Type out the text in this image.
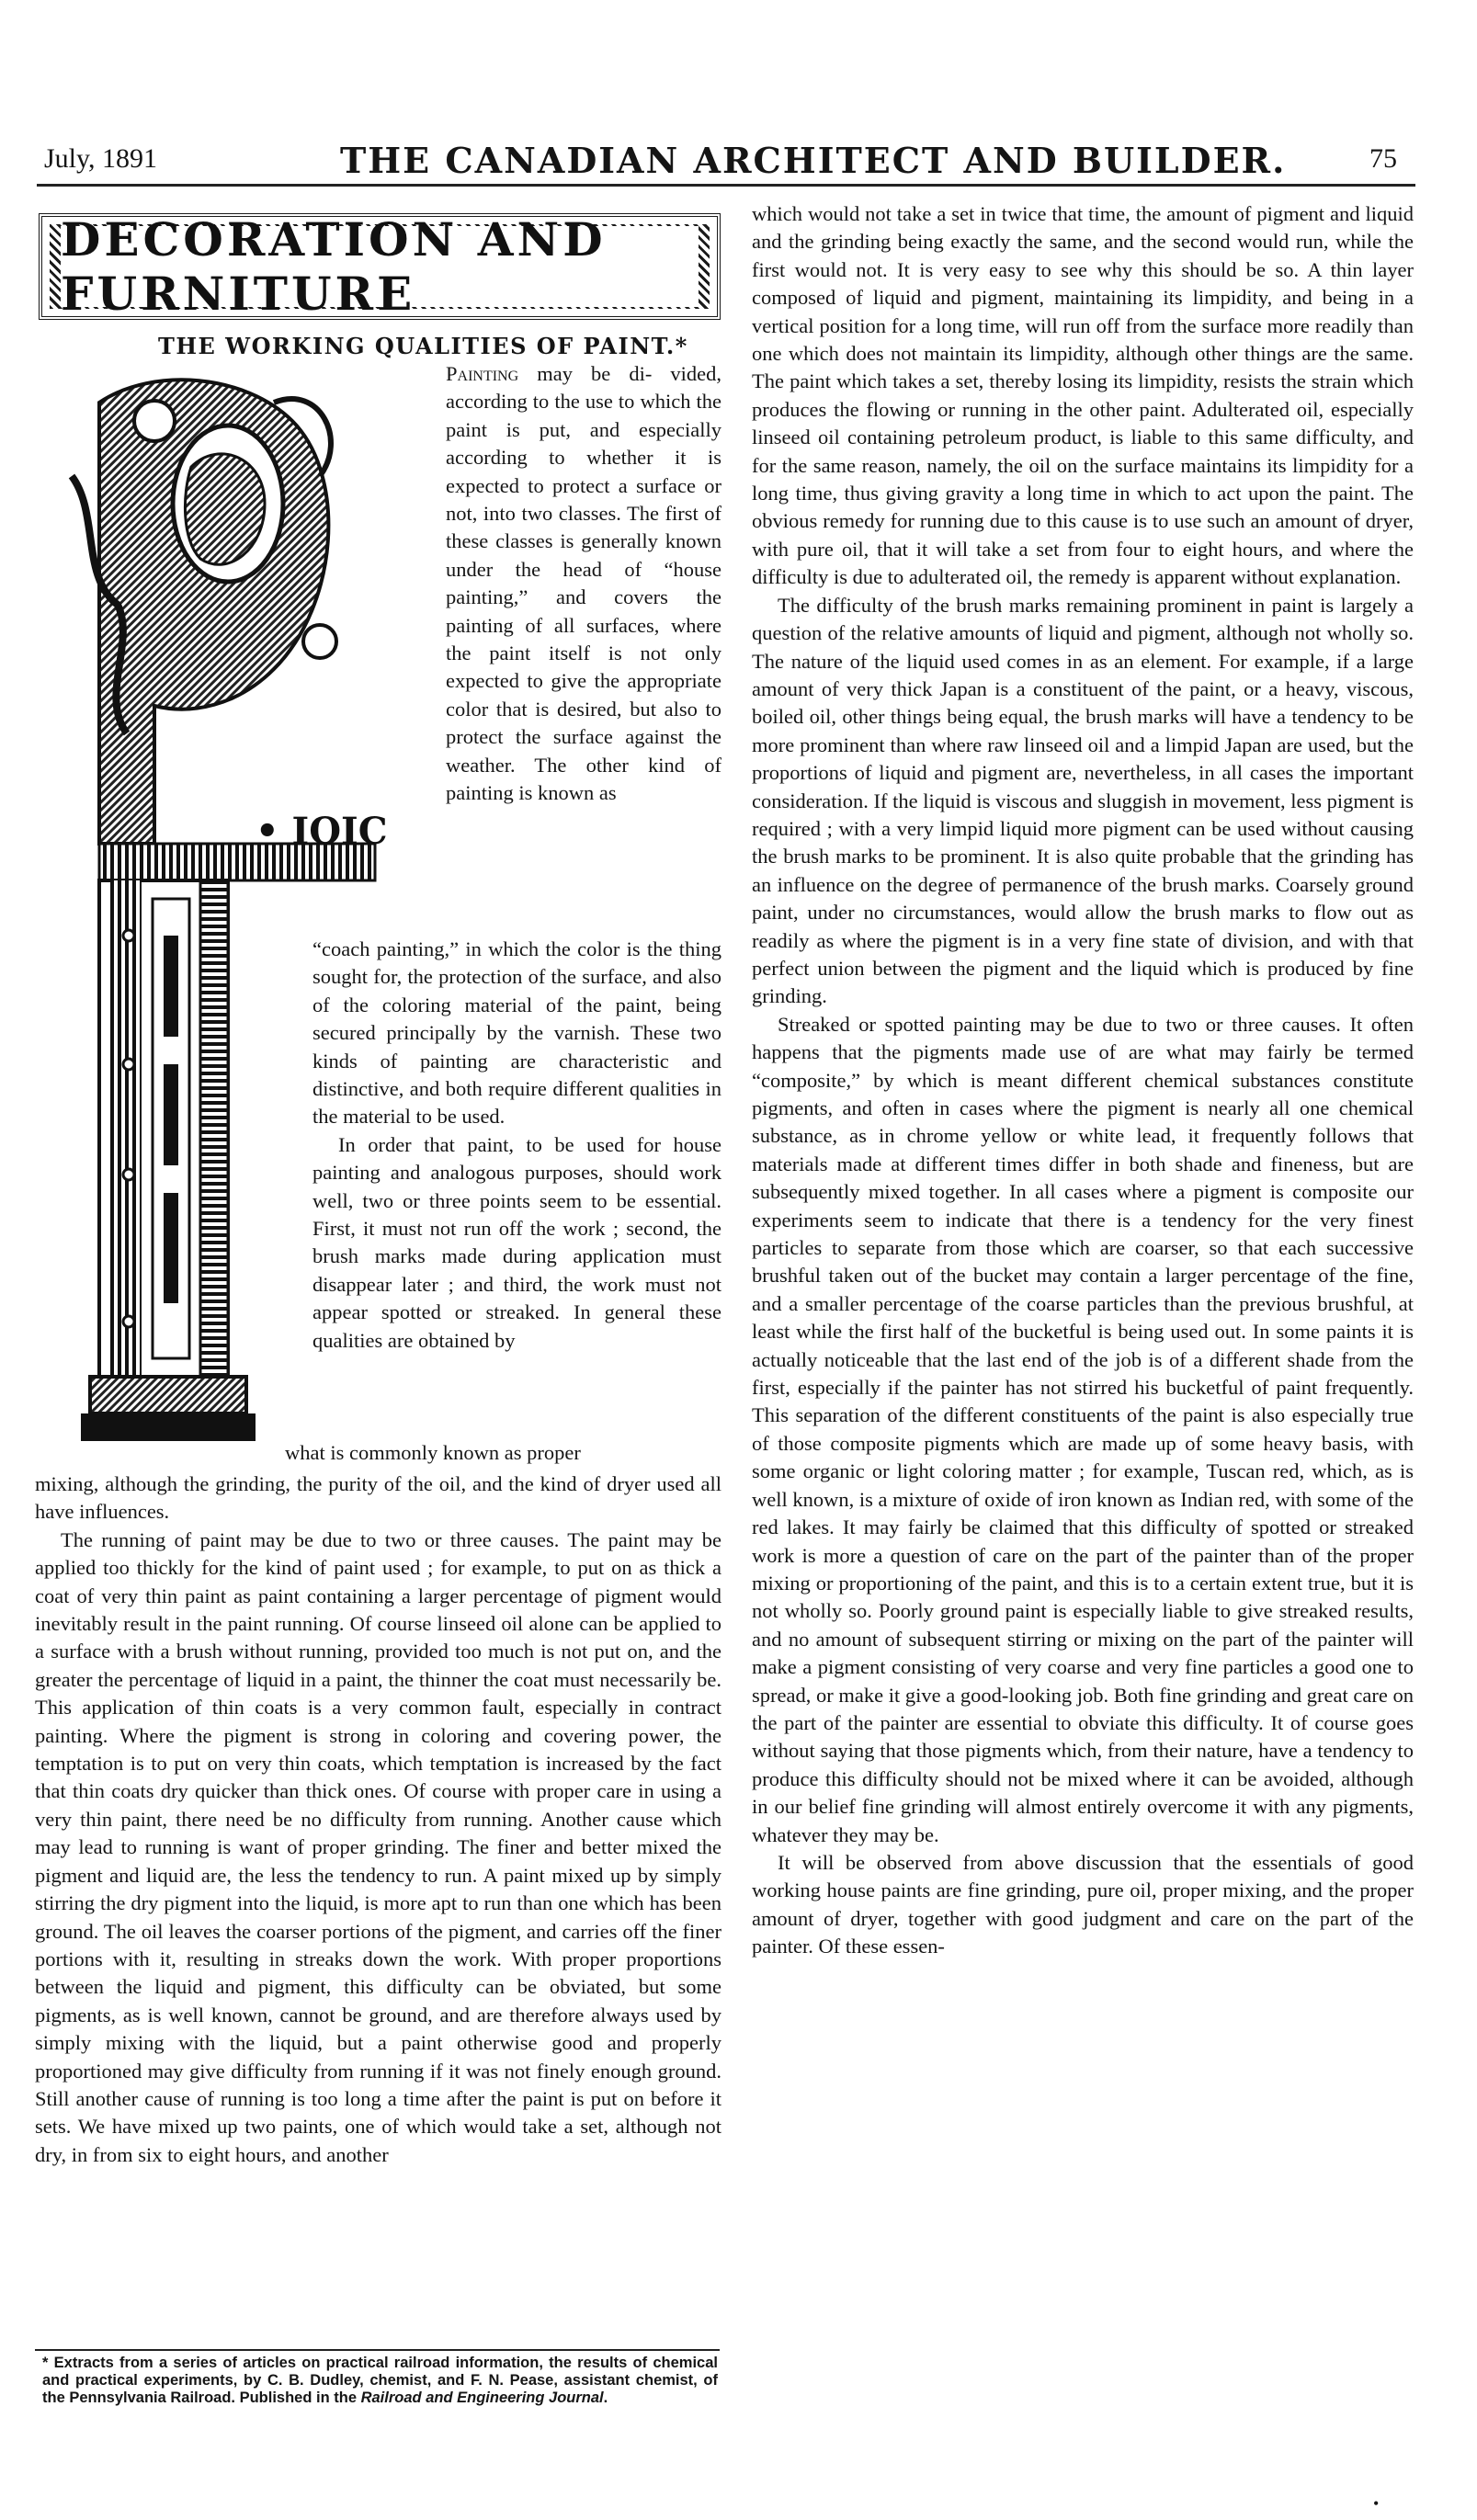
July, 1891	THE CANADIAN ARCHITECT AND BUILDER.	75
DECORATION AND FURNITURE
THE WORKING QUALITIES OF PAINT.*
• IOIC

Painting may be di- vided, according to the use to which the paint is put, and especially according to whether it is expected to protect a surface or not, into two classes. The first of these classes is generally known under the head of “house painting,” and covers the painting of all surfaces, where the paint itself is not only expected to give the appropriate color that is desired, but also to protect the surface against the weather. The other kind of painting is known as

“coach painting,” in which the color is the thing sought for, the protection of the surface, and also of the coloring material of the paint, being secured principally by the varnish. These two kinds of painting are characteristic and distinctive, and both require different qualities in the material to be used.

In order that paint, to be used for house painting and analogous purposes, should work well, two or three points seem to be essential. First, it must not run off the work ; second, the brush marks made during application must disappear later ; and third, the work must not appear spotted or streaked. In general these qualities are obtained by

what is commonly known as proper

mixing, although the grinding, the purity of the oil, and the kind of dryer used all have influences.

The running of paint may be due to two or three causes. The paint may be applied too thickly for the kind of paint used ; for example, to put on as thick a coat of very thin paint as paint containing a larger percentage of pigment would inevitably result in the paint running. Of course linseed oil alone can be applied to a surface with a brush without running, provided too much is not put on, and the greater the percentage of liquid in a paint, the thinner the coat must necessarily be. This application of thin coats is a very common fault, especially in contract painting. Where the pigment is strong in coloring and covering power, the temptation is to put on very thin coats, which temptation is increased by the fact that thin coats dry quicker than thick ones. Of course with proper care in using a very thin paint, there need be no difficulty from running. Another cause which may lead to running is want of proper grinding. The finer and better mixed the pigment and liquid are, the less the tendency to run. A paint mixed up by simply stirring the dry pigment into the liquid, is more apt to run than one which has been ground. The oil leaves the coarser portions of the pigment, and carries off the finer portions with it, resulting in streaks down the work. With proper proportions between the liquid and pigment, this difficulty can be obviated, but some pigments, as is well known, cannot be ground, and are therefore always used by simply mixing with the liquid, but a paint otherwise good and properly proportioned may give difficulty from running if it was not finely enough ground. Still another cause of running is too long a time after the paint is put on before it sets. We have mixed up two paints, one of which would take a set, although not dry, in from six to eight hours, and another

which would not take a set in twice that time, the amount of pigment and liquid and the grinding being exactly the same, and the second would run, while the first would not. It is very easy to see why this should be so. A thin layer composed of liquid and pigment, maintaining its limpidity, and being in a vertical position for a long time, will run off from the surface more readily than one which does not maintain its limpidity, although other things are the same. The paint which takes a set, thereby losing its limpidity, resists the strain which produces the flowing or running in the other paint. Adulterated oil, especially linseed oil containing petroleum product, is liable to this same difficulty, and for the same reason, namely, the oil on the surface maintains its limpidity for a long time, thus giving gravity a long time in which to act upon the paint. The obvious remedy for running due to this cause is to use such an amount of dryer, with pure oil, that it will take a set from four to eight hours, and where the difficulty is due to adulterated oil, the remedy is apparent without explanation.

The difficulty of the brush marks remaining prominent in paint is largely a question of the relative amounts of liquid and pigment, although not wholly so. The nature of the liquid used comes in as an element. For example, if a large amount of very thick Japan is a constituent of the paint, or a heavy, viscous, boiled oil, other things being equal, the brush marks will have a tendency to be more prominent than where raw linseed oil and a limpid Japan are used, but the proportions of liquid and pigment are, nevertheless, in all cases the important consideration. If the liquid is viscous and sluggish in movement, less pigment is required ; with a very limpid liquid more pigment can be used without causing the brush marks to be prominent. It is also quite probable that the grinding has an influence on the degree of permanence of the brush marks. Coarsely ground paint, under no circumstances, would allow the brush marks to flow out as readily as where the pigment is in a very fine state of division, and with that perfect union between the pigment and the liquid which is produced by fine grinding.

Streaked or spotted painting may be due to two or three causes. It often happens that the pigments made use of are what may fairly be termed “composite,” by which is meant different chemical substances constitute pigments, and often in cases where the pigment is nearly all one chemical substance, as in chrome yellow or white lead, it frequently follows that materials made at different times differ in both shade and fineness, but are subsequently mixed together. In all cases where a pigment is composite our experiments seem to indicate that there is a tendency for the very finest particles to separate from those which are coarser, so that each successive brushful taken out of the bucket may contain a larger percentage of the fine, and a smaller percentage of the coarse particles than the previous brushful, at least while the first half of the bucketful is being used out. In some paints it is actually noticeable that the last end of the job is of a different shade from the first, especially if the painter has not stirred his bucketful of paint frequently. This separation of the different constituents of the paint is also especially true of those composite pigments which are made up of some heavy basis, with some organic or light coloring matter ; for example, Tuscan red, which, as is well known, is a mixture of oxide of iron known as Indian red, with some of the red lakes. It may fairly be claimed that this difficulty of spotted or streaked work is more a question of care on the part of the painter than of the proper mixing or proportioning of the paint, and this is to a certain extent true, but it is not wholly so. Poorly ground paint is especially liable to give streaked results, and no amount of subsequent stirring or mixing on the part of the painter will make a pigment consisting of very coarse and very fine particles a good one to spread, or make it give a good-looking job. Both fine grinding and great care on the part of the painter are essential to obviate this difficulty. It of course goes without saying that those pigments which, from their nature, have a tendency to produce this difficulty should not be mixed where it can be avoided, although in our belief fine grinding will almost entirely overcome it with any pigments, whatever they may be.

It will be observed from above discussion that the essentials of good working house paints are fine grinding, pure oil, proper mixing, and the proper amount of dryer, together with good judgment and care on the part of the painter. Of these essen-

* Extracts from a series of articles on practical railroad information, the results of chemical and practical experiments, by C. B. Dudley, chemist, and F. N. Pease, assistant chemist, of the Pennsylvania Railroad. Published in the Railroad and Engineering Journal.
•
